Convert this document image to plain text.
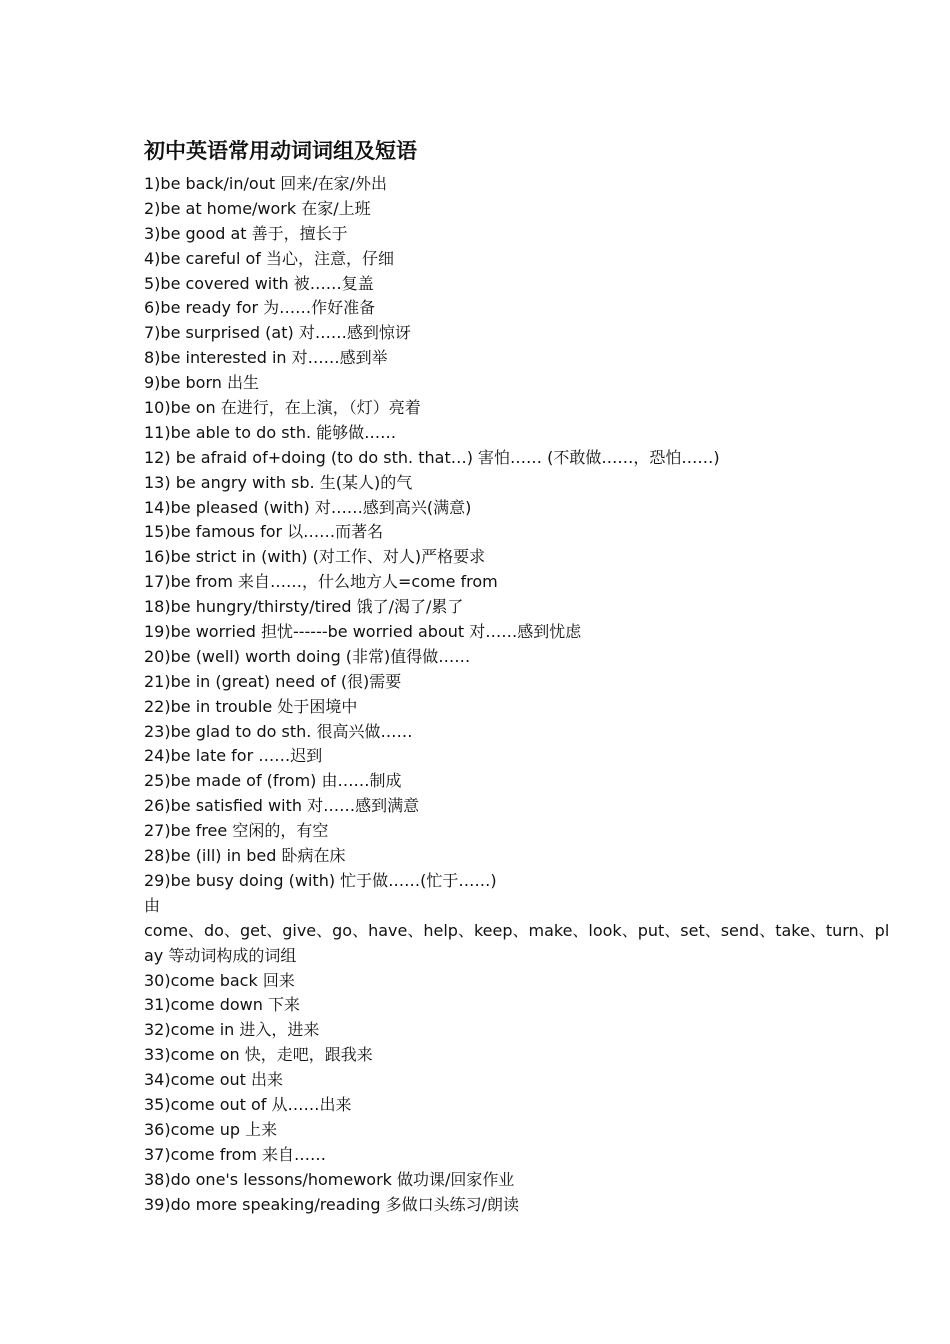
初中英语常用动词词组及短语
1)be back/in/out 回来/在家/外出
2)be at home/work 在家/上班
3)be good at 善于，擅长于
4)be careful of 当心，注意，仔细
5)be covered with 被……复盖
6)be ready for 为……作好准备
7)be surprised (at) 对……感到惊讶
8)be interested in 对……感到举
9)be born 出生
10)be on 在进行，在上演，（灯）亮着
11)be able to do sth. 能够做……
12) be afraid of+doing (to do sth. that…) 害怕…… (不敢做……，恐怕……)
13) be angry with sb. 生(某人)的气
14)be pleased (with) 对……感到高兴(满意)
15)be famous for 以……而著名
16)be strict in (with) (对工作、对人)严格要求
17)be from 来自……，什么地方人=come from
18)be hungry/thirsty/tired 饿了/渴了/累了
19)be worried 担忧------be worried about 对……感到忧虑
20)be (well) worth doing (非常)值得做……
21)be in (great) need of (很)需要
22)be in trouble 处于困境中
23)be glad to do sth. 很高兴做……
24)be late for ……迟到
25)be made of (from) 由……制成
26)be satisfied with 对……感到满意
27)be free 空闲的，有空
28)be (ill) in bed 卧病在床
29)be busy doing (with) 忙于做……(忙于……)
由
come、do、get、give、go、have、help、keep、make、look、put、set、send、take、turn、pl
ay 等动词构成的词组
30)come back 回来
31)come down 下来
32)come in 进入，进来
33)come on 快，走吧，跟我来
34)come out 出来
35)come out of 从……出来
36)come up 上来
37)come from 来自……
38)do one's lessons/homework 做功课/回家作业
39)do more speaking/reading 多做口头练习/朗读
